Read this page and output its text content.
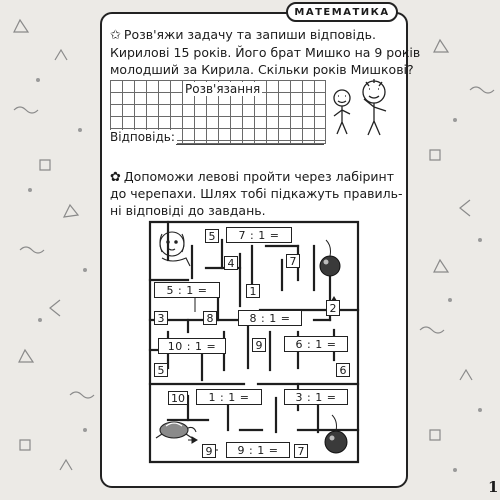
МАТЕМАТИКА
✩ Розв'яжи задачу та запиши відповідь.
Кирилові 15 років. Його брат Мишко на 9 років
молодший за Кирила. Скільки років Мишкові?
Розв'язання
Відповідь:
✿ Допоможи левові пройти через лабіринт
до черепахи. Шлях тобі підкажуть правиль-
ні відповіді до завдань.
5	7 : 1 =
4	7
5 : 1 =	1
2
3	8	8 : 1 =
10 : 1 =	9	6 : 1 =
5	6
10	1 : 1 =	3 : 1 =
9	9 : 1 =	7
1
